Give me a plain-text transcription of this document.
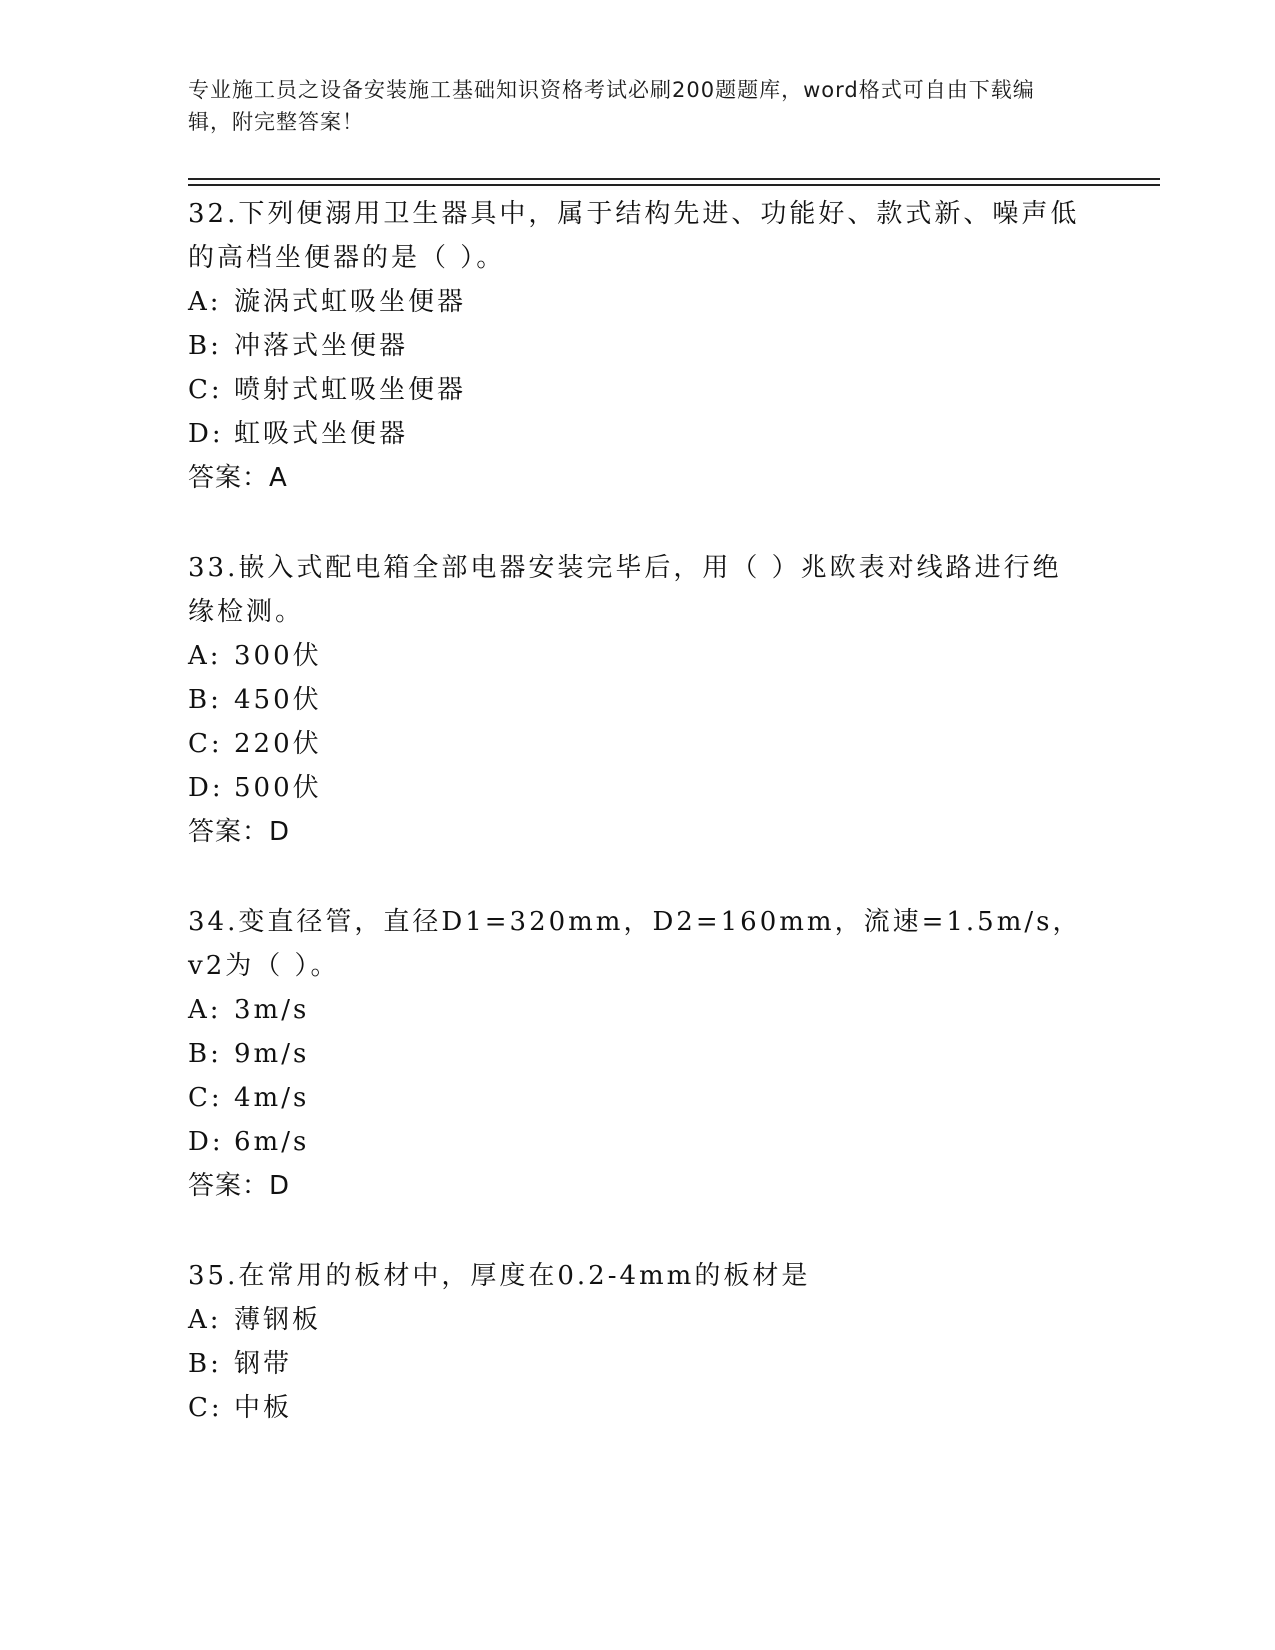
专业施工员之设备安装施工基础知识资格考试必刷200题题库，word格式可自由下载编辑，附完整答案！

32.下列便溺用卫生器具中，属于结构先进、功能好、款式新、噪声低的高档坐便器的是（ ）。

A: 漩涡式虹吸坐便器

B: 冲落式坐便器

C: 喷射式虹吸坐便器

D: 虹吸式坐便器

答案：A

33.嵌入式配电箱全部电器安装完毕后，用（ ）兆欧表对线路进行绝缘检测。

A: 300伏

B: 450伏

C: 220伏

D: 500伏

答案：D

34.变直径管，直径D1=320mm，D2=160mm，流速=1.5m/s，v2为（ ）。

A: 3m/s

B: 9m/s

C: 4m/s

D: 6m/s

答案：D

35.在常用的板材中，厚度在0.2-4mm的板材是

A: 薄钢板

B: 钢带

C: 中板
